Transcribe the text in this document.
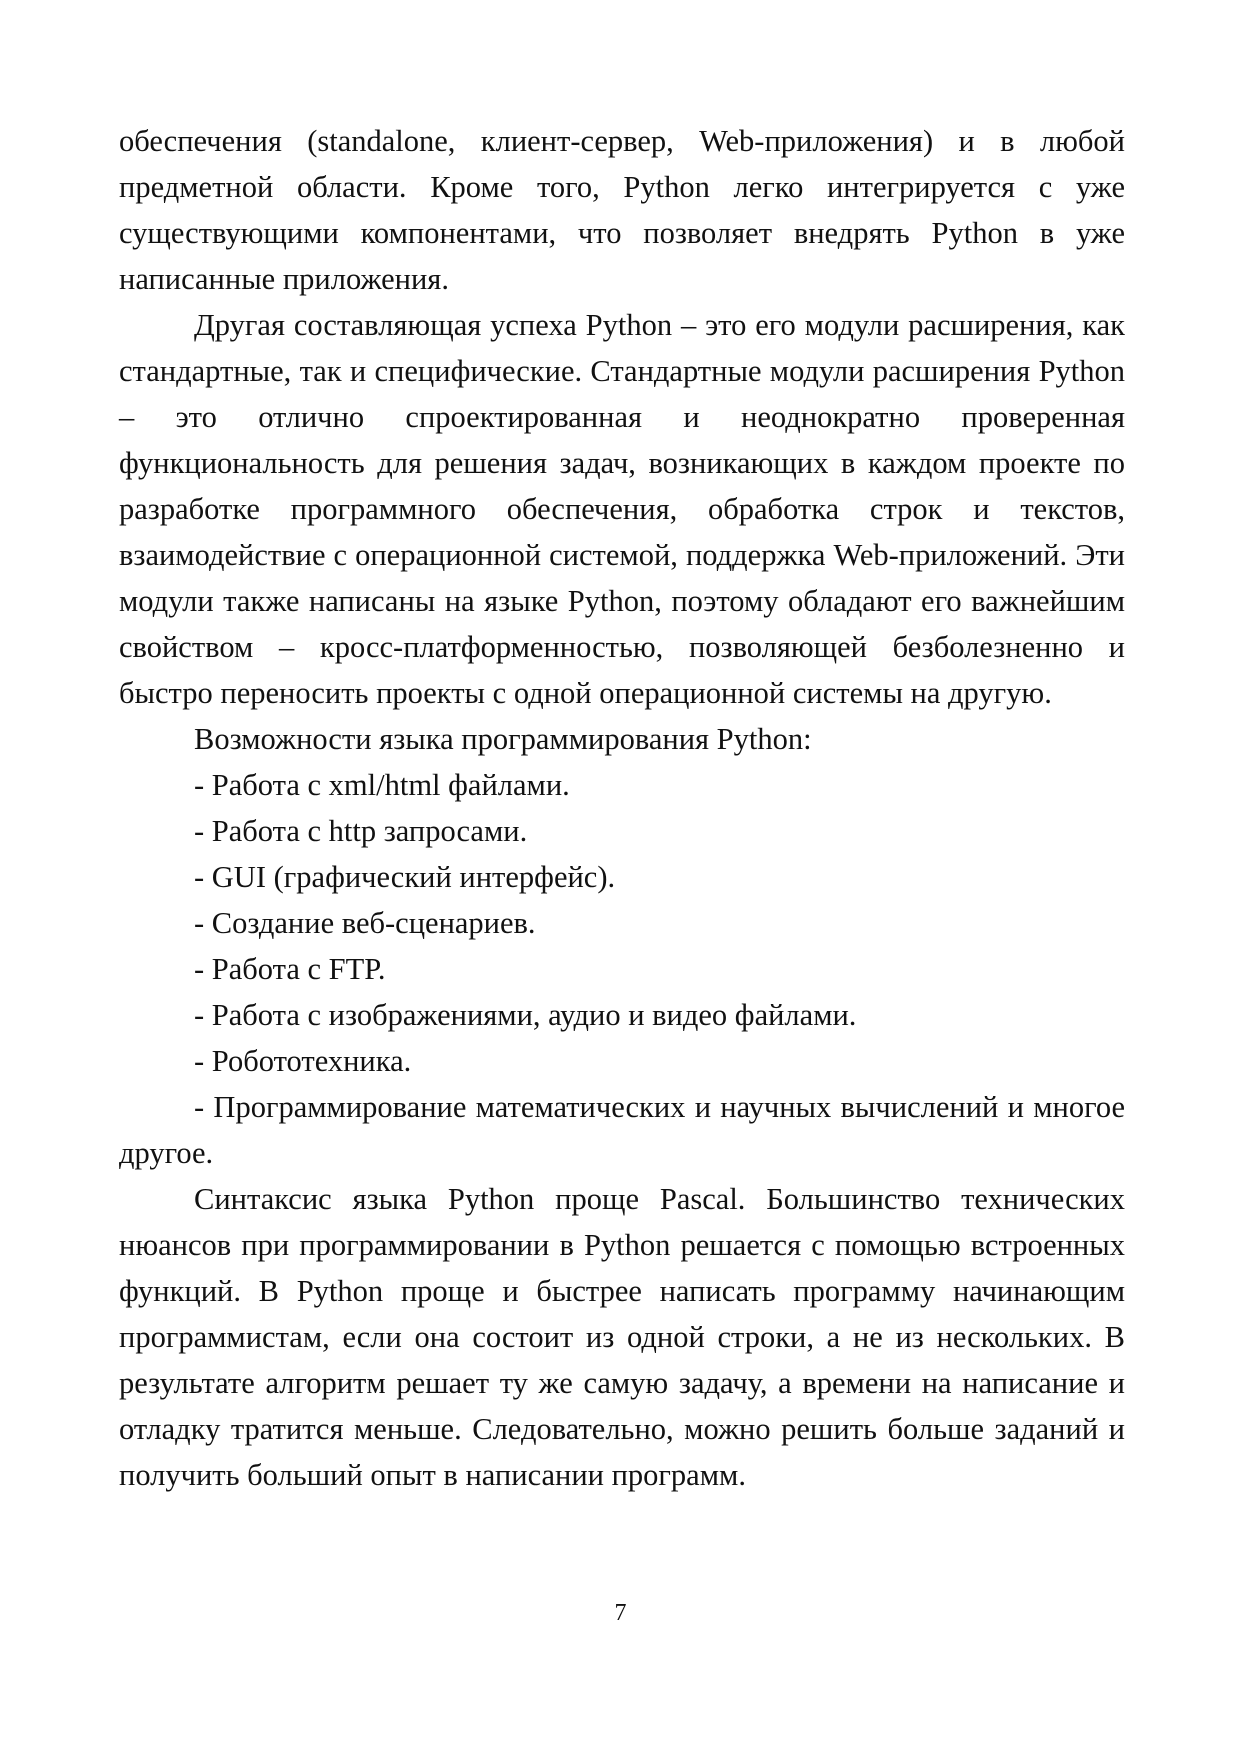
обеспечения (standalone, клиент-сервер, Web-приложения) и в любой предметной области. Кроме того, Python легко интегрируется с уже существующими компонентами, что позволяет внедрять Python в уже написанные приложения.

Другая составляющая успеха Python – это его модули расширения, как стандартные, так и специфические. Стандартные модули расширения Python – это отлично спроектированная и неоднократно проверенная функциональность для решения задач, возникающих в каждом проекте по разработке программного обеспечения, обработка строк и текстов, взаимодействие с операционной системой, поддержка Web-приложений. Эти модули также написаны на языке Python, поэтому обладают его важнейшим свойством – кросс-платформенностью, позволяющей безболезненно и быстро переносить проекты с одной операционной системы на другую.

Возможности языка программирования Python:

- Работа с xml/html файлами.

- Работа с http запросами.

- GUI (графический интерфейс).

- Создание веб-сценариев.

- Работа с FTP.

- Работа с изображениями, аудио и видео файлами.

- Робототехника.

- Программирование математических и научных вычислений и многое другое.

Синтаксис языка Python проще Pascal. Большинство технических нюансов при программировании в Python решается с помощью встроенных функций. В Python проще и быстрее написать программу начинающим программистам, если она состоит из одной строки, а не из нескольких. В результате алгоритм решает ту же самую задачу, а времени на написание и отладку тратится меньше. Следовательно, можно решить больше заданий и получить больший опыт в написании программ.

7
